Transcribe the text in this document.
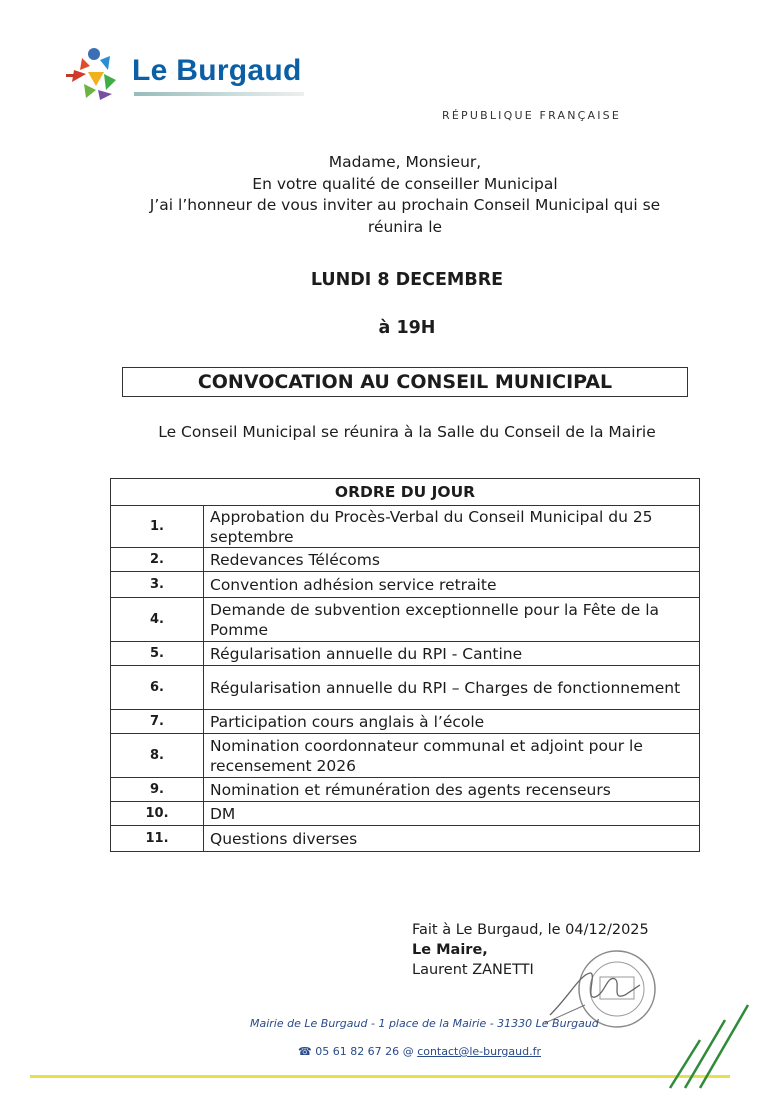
Le Burgaud
RÉPUBLIQUE FRANÇAISE
Madame, Monsieur,
En votre qualité de conseiller Municipal
J’ai l’honneur de vous inviter au prochain Conseil Municipal qui se
réunira le
LUNDI 8 DECEMBRE
à 19H
CONVOCATION AU CONSEIL MUNICIPAL
Le Conseil Municipal se réunira à la Salle du Conseil de la Mairie
ORDRE DU JOUR	
1.	Approbation du Procès-Verbal du Conseil Municipal du 25 septembre
2.	Redevances Télécoms
3.	Convention adhésion service retraite
4.	Demande de subvention exceptionnelle pour la Fête de la Pomme
5.	Régularisation annuelle du RPI - Cantine
6.	Régularisation annuelle du RPI – Charges de fonctionnement
7.	Participation cours anglais à l’école
8.	Nomination coordonnateur communal et adjoint pour le recensement 2026
9.	Nomination et rémunération des agents recenseurs
10.	DM
11.	Questions diverses
Fait à Le Burgaud, le 04/12/2025
Le Maire,
Laurent ZANETTI
Mairie de Le Burgaud - 1 place de la Mairie - 31330 Le Burgaud
☎ 05 61 82 67 26 @ contact@le-burgaud.fr
